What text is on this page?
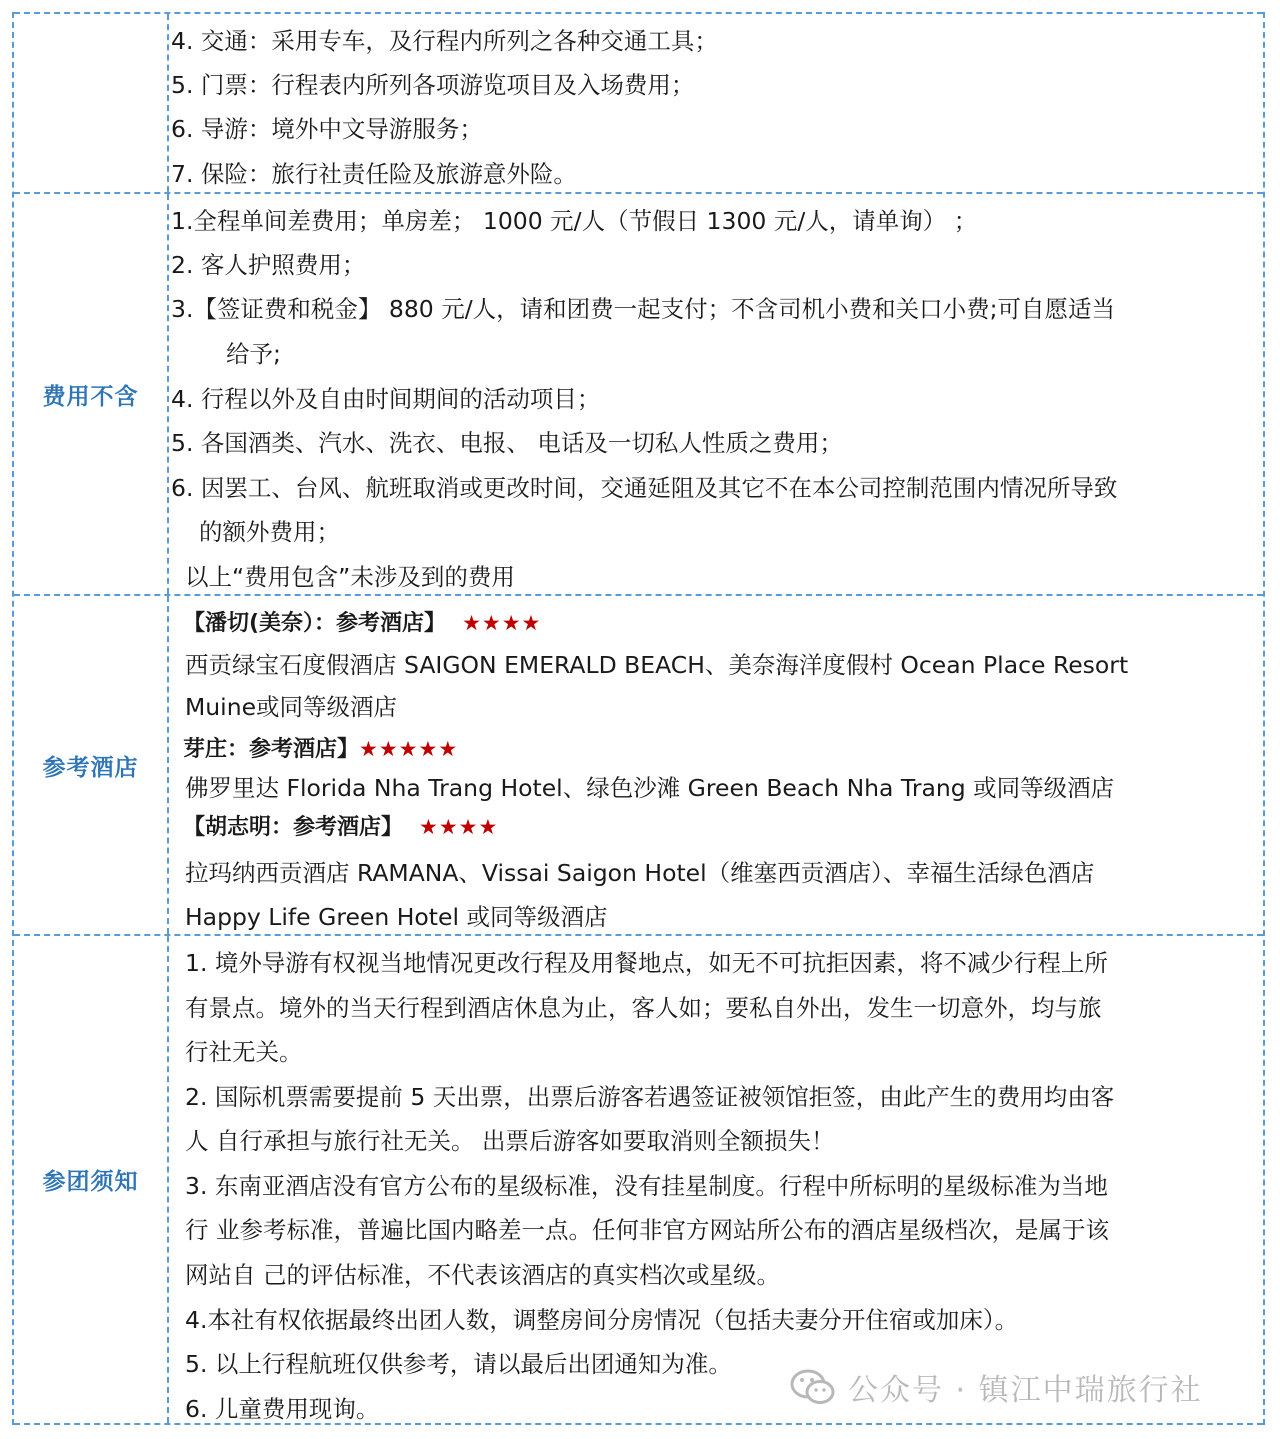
4. 交通：采用专车，及行程内所列之各种交通工具；
5. 门票：行程表内所列各项游览项目及入场费用；
6. 导游：境外中文导游服务；
7. 保险：旅行社责任险及旅游意外险。
费用不含
1.全程单间差费用；单房差； 1000 元/人（节假日 1300 元/人，请单询） ；
2. 客人护照费用；
3.【签证费和税金】 880 元/人，请和团费一起支付；不含司机小费和关口小费;可自愿适当
给予;
4. 行程以外及自由时间期间的活动项目；
5. 各国酒类、汽水、洗衣、电报、 电话及一切私人性质之费用；
6. 因罢工、台风、航班取消或更改时间，交通延阻及其它不在本公司控制范围内情况所导致
的额外费用；
以上“费用包含”未涉及到的费用
参考酒店
【潘切(美奈）：参考酒店】 ★★★★
西贡绿宝石度假酒店 SAIGON EMERALD BEACH、美奈海洋度假村 Ocean Place Resort
Muine或同等级酒店
芽庄：参考酒店】★★★★★
佛罗里达 Florida Nha Trang Hotel、绿色沙滩 Green Beach Nha Trang 或同等级酒店
【胡志明：参考酒店】 ★★★★
拉玛纳西贡酒店 RAMANA、Vissai Saigon Hotel（维塞西贡酒店）、幸福生活绿色酒店
Happy Life Green Hotel 或同等级酒店
参团须知
1. 境外导游有权视当地情况更改行程及用餐地点，如无不可抗拒因素，将不减少行程上所
有景点。境外的当天行程到酒店休息为止，客人如；要私自外出，发生一切意外，均与旅
行社无关。
2. 国际机票需要提前 5 天出票，出票后游客若遇签证被领馆拒签，由此产生的费用均由客
人 自行承担与旅行社无关。 出票后游客如要取消则全额损失！
3. 东南亚酒店没有官方公布的星级标准，没有挂星制度。行程中所标明的星级标准为当地
行 业参考标准，普遍比国内略差一点。任何非官方网站所公布的酒店星级档次，是属于该
网站自 己的评估标准，不代表该酒店的真实档次或星级。
4.本社有权依据最终出团人数，调整房间分房情况（包括夫妻分开住宿或加床）。
5. 以上行程航班仅供参考，请以最后出团通知为准。
6. 儿童费用现询。
公众号 · 镇江中瑞旅行社
